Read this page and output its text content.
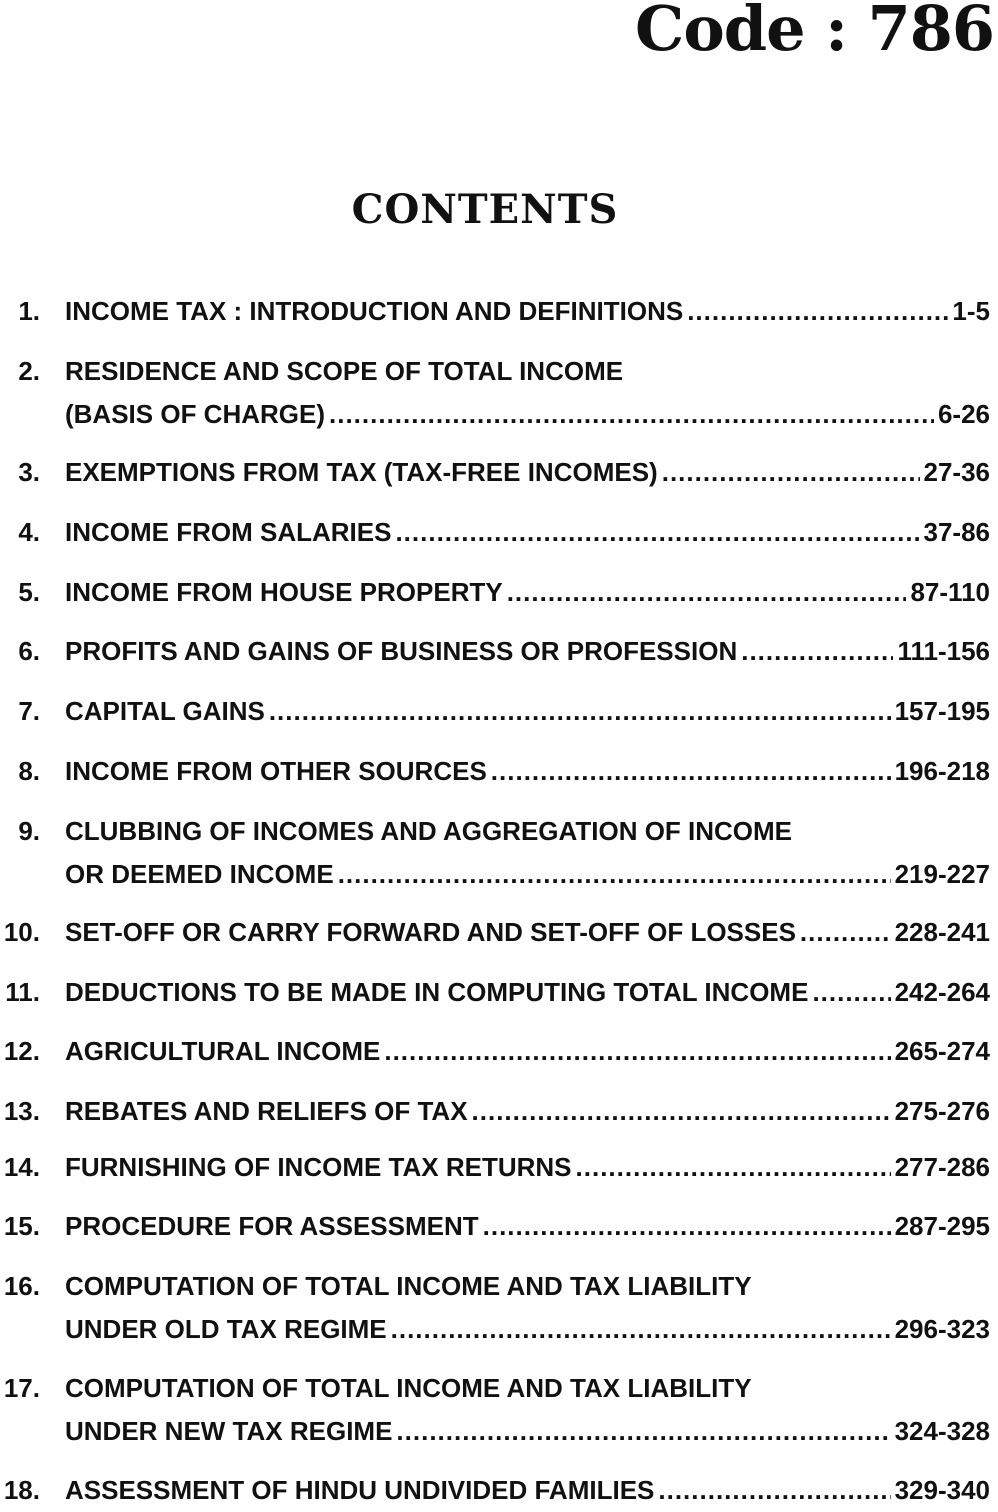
Code : 786
CONTENTS
1. INCOME TAX : INTRODUCTION AND DEFINITIONS .....	1-5
2. RESIDENCE AND SCOPE OF TOTAL INCOME
(BASIS OF CHARGE) .....	6-26
3. EXEMPTIONS FROM TAX (TAX-FREE INCOMES) .....	27-36
4. INCOME FROM SALARIES .....	37-86
5. INCOME FROM HOUSE PROPERTY .....	87-110
6. PROFITS AND GAINS OF BUSINESS OR PROFESSION .....	111-156
7. CAPITAL GAINS .....	157-195
8. INCOME FROM OTHER SOURCES .....	196-218
9. CLUBBING OF INCOMES AND AGGREGATION OF INCOME
OR DEEMED INCOME .....	219-227
10. SET-OFF OR CARRY FORWARD AND SET-OFF OF LOSSES .....	228-241
11. DEDUCTIONS TO BE MADE IN COMPUTING TOTAL INCOME .....	242-264
12. AGRICULTURAL INCOME .....	265-274
13. REBATES AND RELIEFS OF TAX .....	275-276
14. FURNISHING OF INCOME TAX RETURNS .....	277-286
15. PROCEDURE FOR ASSESSMENT .....	287-295
16. COMPUTATION OF TOTAL INCOME AND TAX LIABILITY
UNDER OLD TAX REGIME .....	296-323
17. COMPUTATION OF TOTAL INCOME AND TAX LIABILITY
UNDER NEW TAX REGIME .....	324-328
18. ASSESSMENT OF HINDU UNDIVIDED FAMILIES .....	329-340
